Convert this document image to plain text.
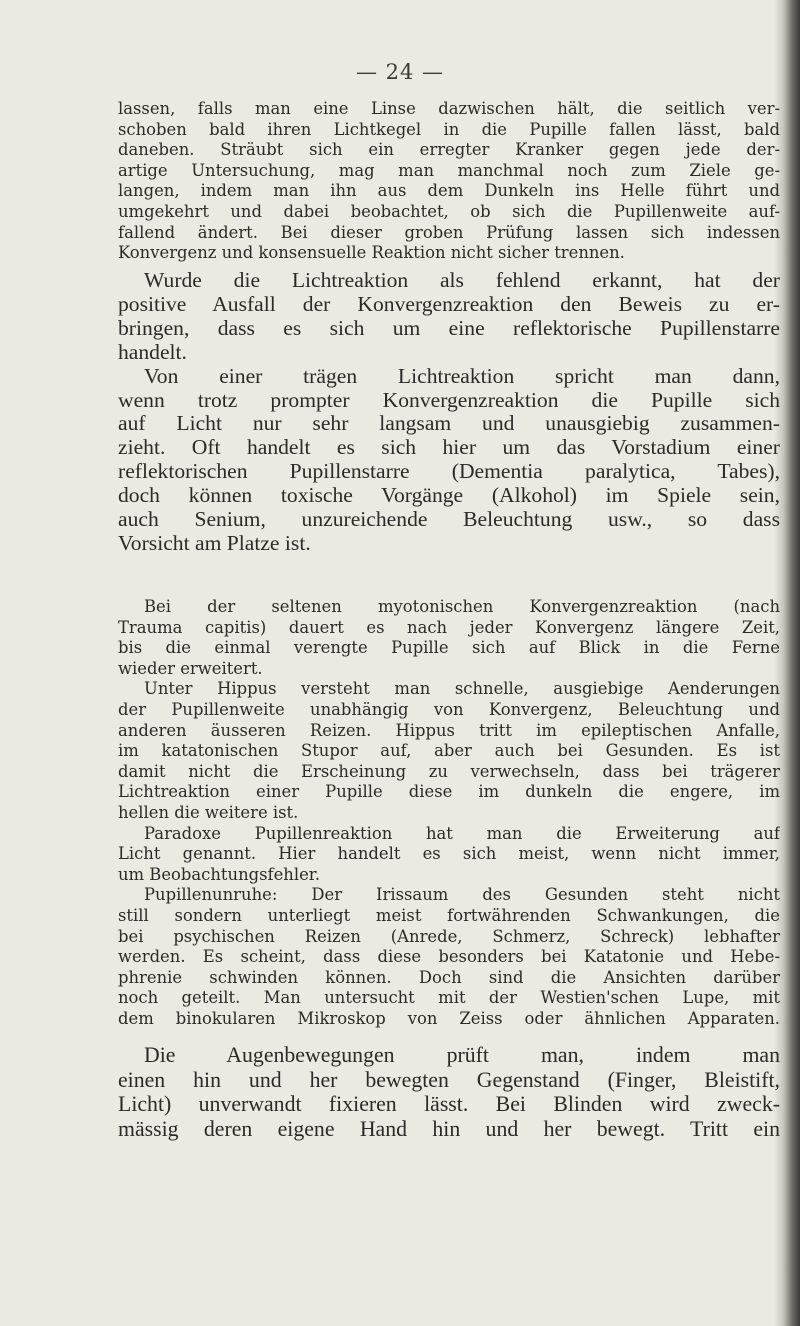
— 24 —
lassen, falls man eine Linse dazwischen hält, die seitlich ver-
schoben bald ihren Lichtkegel in die Pupille fallen lässt, bald
daneben. Sträubt sich ein erregter Kranker gegen jede der-
artige Untersuchung, mag man manchmal noch zum Ziele ge-
langen, indem man ihn aus dem Dunkeln ins Helle führt und
umgekehrt und dabei beobachtet, ob sich die Pupillenweite auf-
fallend ändert. Bei dieser groben Prüfung lassen sich indessen
Konvergenz und konsensuelle Reaktion nicht sicher trennen.
Wurde die Lichtreaktion als fehlend erkannt, hat der
positive Ausfall der Konvergenzreaktion den Beweis zu er-
bringen, dass es sich um eine reflektorische Pupillenstarre
handelt.
Von einer trägen Lichtreaktion spricht man dann,
wenn trotz prompter Konvergenzreaktion die Pupille sich
auf Licht nur sehr langsam und unausgiebig zusammen-
zieht. Oft handelt es sich hier um das Vorstadium einer
reflektorischen Pupillenstarre (Dementia paralytica, Tabes),
doch können toxische Vorgänge (Alkohol) im Spiele sein,
auch Senium, unzureichende Beleuchtung usw., so dass
Vorsicht am Platze ist.
Bei der seltenen myotonischen Konvergenzreaktion (nach
Trauma capitis) dauert es nach jeder Konvergenz längere Zeit,
bis die einmal verengte Pupille sich auf Blick in die Ferne
wieder erweitert.
Unter Hippus versteht man schnelle, ausgiebige Aenderungen
der Pupillenweite unabhängig von Konvergenz, Beleuchtung und
anderen äusseren Reizen. Hippus tritt im epileptischen Anfalle,
im katatonischen Stupor auf, aber auch bei Gesunden. Es ist
damit nicht die Erscheinung zu verwechseln, dass bei trägerer
Lichtreaktion einer Pupille diese im dunkeln die engere, im
hellen die weitere ist.
Paradoxe Pupillenreaktion hat man die Erweiterung auf
Licht genannt. Hier handelt es sich meist, wenn nicht immer,
um Beobachtungsfehler.
Pupillenunruhe: Der Irissaum des Gesunden steht nicht
still sondern unterliegt meist fortwährenden Schwankungen, die
bei psychischen Reizen (Anrede, Schmerz, Schreck) lebhafter
werden. Es scheint, dass diese besonders bei Katatonie und Hebe-
phrenie schwinden können. Doch sind die Ansichten darüber
noch geteilt. Man untersucht mit der Westien'schen Lupe, mit
dem binokularen Mikroskop von Zeiss oder ähnlichen Apparaten.
Die Augenbewegungen prüft man, indem man
einen hin und her bewegten Gegenstand (Finger, Bleistift,
Licht) unverwandt fixieren lässt. Bei Blinden wird zweck-
mässig deren eigene Hand hin und her bewegt. Tritt ein
